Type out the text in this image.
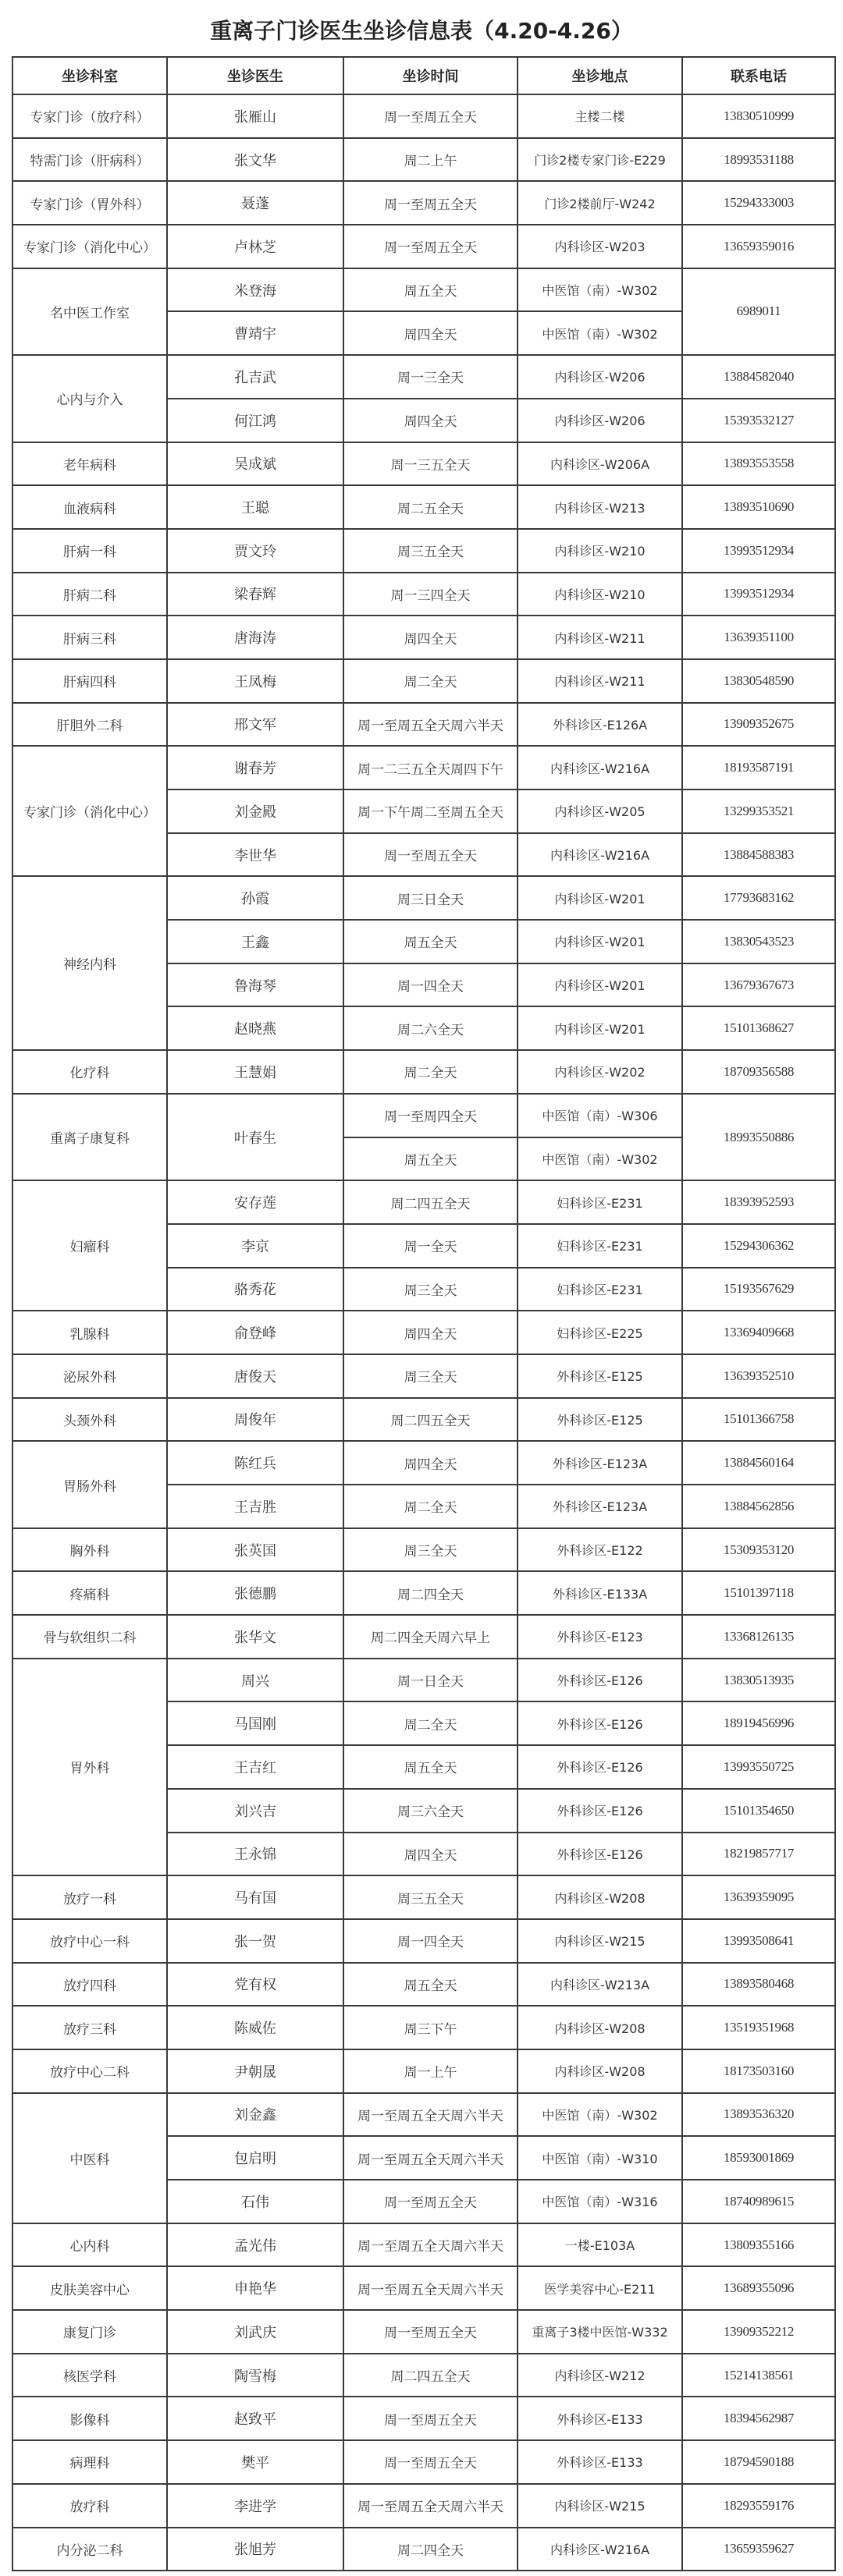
重离子门诊医生坐诊信息表（4.20-4.26）
坐诊科室	坐诊医生	坐诊时间	坐诊地点	联系电话
专家门诊（放疗科）	张雁山	周一至周五全天	主楼二楼	13830510999
特需门诊（肝病科）	张文华	周二上午	门诊2楼专家门诊-E229	18993531188
专家门诊（胃外科）	聂蓬	周一至周五全天	门诊2楼前厅-W242	15294333003
专家门诊（消化中心）	卢林芝	周一至周五全天	内科诊区-W203	13659359016
名中医工作室	米登海	周五全天	中医馆（南）-W302	6989011
	曹靖宇	周四全天	中医馆（南）-W302	
心内与介入	孔吉武	周一三全天	内科诊区-W206	13884582040
	何江鸿	周四全天	内科诊区-W206	15393532127
老年病科	吴成斌	周一三五全天	内科诊区-W206A	13893553558
血液病科	王聪	周二五全天	内科诊区-W213	13893510690
肝病一科	贾文玲	周三五全天	内科诊区-W210	13993512934
肝病二科	梁春辉	周一三四全天	内科诊区-W210	13993512934
肝病三科	唐海涛	周四全天	内科诊区-W211	13639351100
肝病四科	王凤梅	周二全天	内科诊区-W211	13830548590
肝胆外二科	邢文军	周一至周五全天周六半天	外科诊区-E126A	13909352675
专家门诊（消化中心）	谢春芳	周一二三五全天周四下午	内科诊区-W216A	18193587191
	刘金殿	周一下午周二至周五全天	内科诊区-W205	13299353521
	李世华	周一至周五全天	内科诊区-W216A	13884588383
神经内科	孙霞	周三日全天	内科诊区-W201	17793683162
	王鑫	周五全天	内科诊区-W201	13830543523
	鲁海琴	周一四全天	内科诊区-W201	13679367673
	赵晓燕	周二六全天	内科诊区-W201	15101368627
化疗科	王慧娟	周二全天	内科诊区-W202	18709356588
重离子康复科	叶春生	周一至周四全天	中医馆（南）-W306	18993550886
		周五全天	中医馆（南）-W302	
妇瘤科	安存莲	周二四五全天	妇科诊区-E231	18393952593
	李京	周一全天	妇科诊区-E231	15294306362
	骆秀花	周三全天	妇科诊区-E231	15193567629
乳腺科	俞登峰	周四全天	妇科诊区-E225	13369409668
泌尿外科	唐俊天	周三全天	外科诊区-E125	13639352510
头颈外科	周俊年	周二四五全天	外科诊区-E125	15101366758
胃肠外科	陈红兵	周四全天	外科诊区-E123A	13884560164
	王吉胜	周二全天	外科诊区-E123A	13884562856
胸外科	张英国	周三全天	外科诊区-E122	15309353120
疼痛科	张德鹏	周二四全天	外科诊区-E133A	15101397118
骨与软组织二科	张华文	周二四全天周六早上	外科诊区-E123	13368126135
胃外科	周兴	周一日全天	外科诊区-E126	13830513935
	马国刚	周二全天	外科诊区-E126	18919456996
	王吉红	周五全天	外科诊区-E126	13993550725
	刘兴吉	周三六全天	外科诊区-E126	15101354650
	王永锦	周四全天	外科诊区-E126	18219857717
放疗一科	马有国	周三五全天	内科诊区-W208	13639359095
放疗中心一科	张一贺	周一四全天	内科诊区-W215	13993508641
放疗四科	党有权	周五全天	内科诊区-W213A	13893580468
放疗三科	陈威佐	周三下午	内科诊区-W208	13519351968
放疗中心二科	尹朝晟	周一上午	内科诊区-W208	18173503160
中医科	刘金鑫	周一至周五全天周六半天	中医馆（南）-W302	13893536320
	包启明	周一至周五全天周六半天	中医馆（南）-W310	18593001869
	石伟	周一至周五全天	中医馆（南）-W316	18740989615
心内科	孟光伟	周一至周五全天周六半天	一楼-E103A	13809355166
皮肤美容中心	申艳华	周一至周五全天周六半天	医学美容中心-E211	13689355096
康复门诊	刘武庆	周一至周五全天	重离子3楼中医馆-W332	13909352212
核医学科	陶雪梅	周二四五全天	内科诊区-W212	15214138561
影像科	赵致平	周一至周五全天	外科诊区-E133	18394562987
病理科	樊平	周一至周五全天	外科诊区-E133	18794590188
放疗科	李进学	周一至周五全天周六半天	内科诊区-W215	18293559176
内分泌二科	张旭芳	周二四全天	内科诊区-W216A	13659359627
